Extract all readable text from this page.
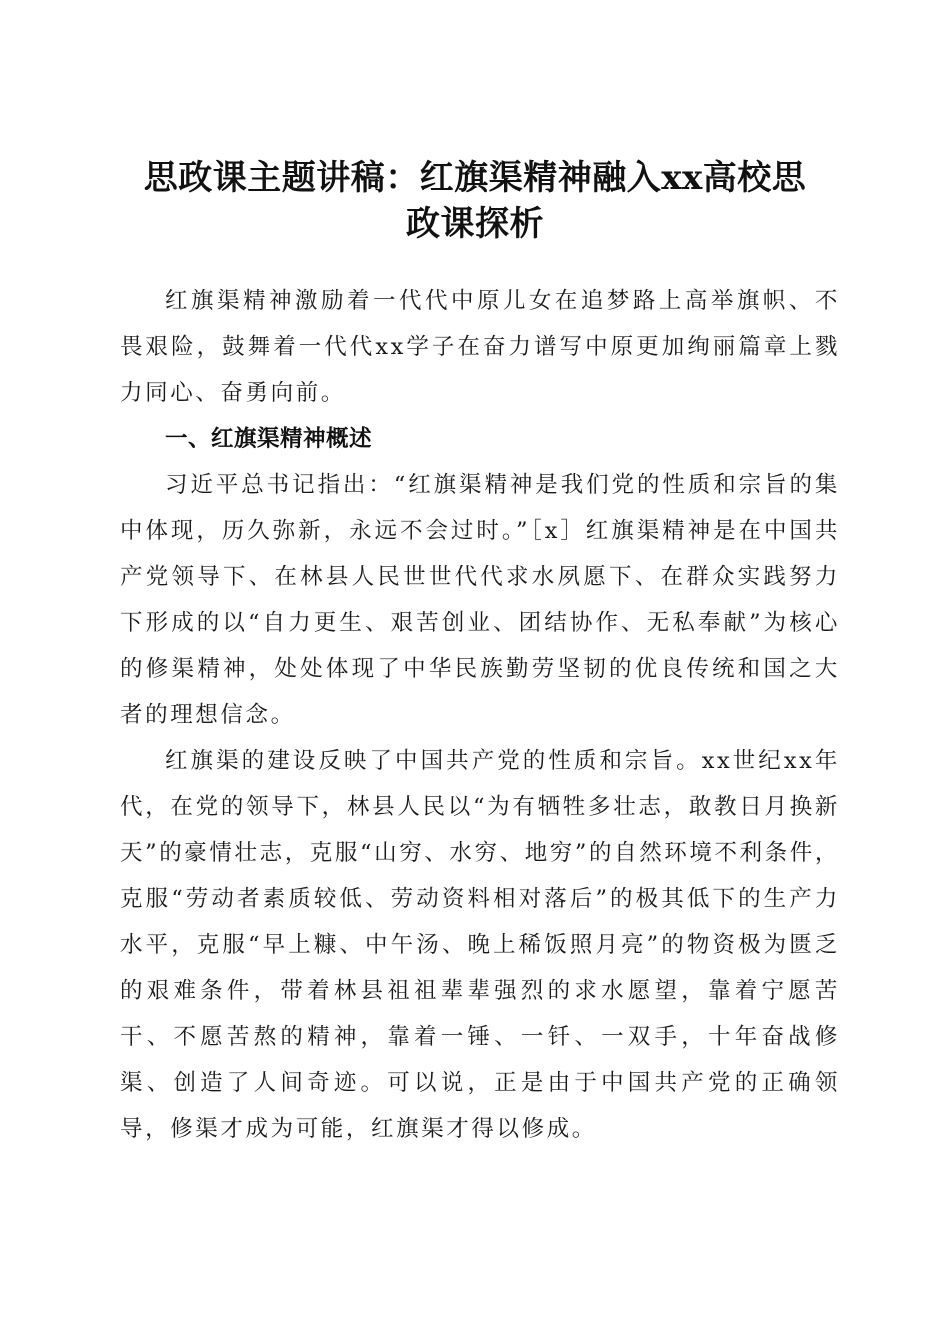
思政课主题讲稿：红旗渠精神融入xx高校思
政课探析

红旗渠精神激励着一代代中原儿女在追梦路上高举旗帜、不畏艰险，鼓舞着一代代xx学子在奋力谱写中原更加绚丽篇章上戮力同心、奋勇向前。

一、红旗渠精神概述

习近平总书记指出：“红旗渠精神是我们党的性质和宗旨的集中体现，历久弥新，永远不会过时。”［x］红旗渠精神是在中国共产党领导下、在林县人民世世代代求水夙愿下、在群众实践努力下形成的以“自力更生、艰苦创业、团结协作、无私奉献”为核心的修渠精神，处处体现了中华民族勤劳坚韧的优良传统和国之大者的理想信念。

红旗渠的建设反映了中国共产党的性质和宗旨。xx世纪xx年代，在党的领导下，林县人民以“为有牺牲多壮志，敢教日月换新天”的豪情壮志，克服“山穷、水穷、地穷”的自然环境不利条件，克服“劳动者素质较低、劳动资料相对落后”的极其低下的生产力水平，克服“早上糠、中午汤、晚上稀饭照月亮”的物资极为匮乏的艰难条件，带着林县祖祖辈辈强烈的求水愿望，靠着宁愿苦干、不愿苦熬的精神，靠着一锤、一钎、一双手，十年奋战修渠、创造了人间奇迹。可以说，正是由于中国共产党的正确领导，修渠才成为可能，红旗渠才得以修成。
